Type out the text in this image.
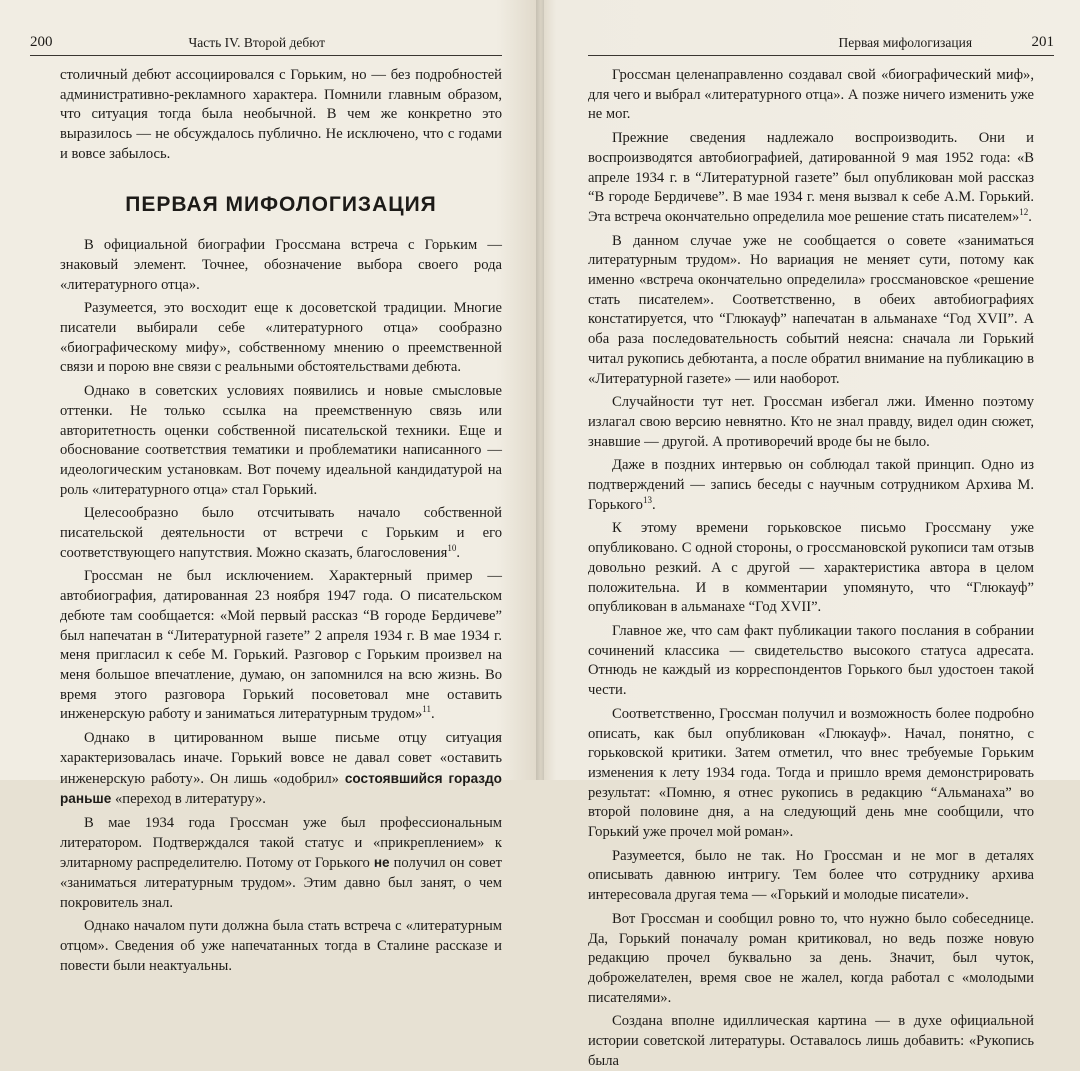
200	Часть IV. Второй дебют

столичный дебют ассоциировался с Горьким, но — без подробностей административно-рекламного характера. Помнили главным образом, что ситуация тогда была необычной. В чем же конкретно это выразилось — не обсуждалось публично. Не исключено, что с годами и вовсе забылось.

ПЕРВАЯ МИФОЛОГИЗАЦИЯ

В официальной биографии Гроссмана встреча с Горьким — знаковый элемент. Точнее, обозначение выбора своего рода «литературного отца».

Разумеется, это восходит еще к досоветской традиции. Многие писатели выбирали себе «литературного отца» сообразно «биографическому мифу», собственному мнению о преемственной связи и порою вне связи с реальными обстоятельствами дебюта.

Однако в советских условиях появились и новые смысловые оттенки. Не только ссылка на преемственную связь или авторитетность оценки собственной писательской техники. Еще и обоснование соответствия тематики и проблематики написанного — идеологическим установкам. Вот почему идеальной кандидатурой на роль «литературного отца» стал Горький.

Целесообразно было отсчитывать начало собственной писательской деятельности от встречи с Горьким и его соответствующего напутствия. Можно сказать, благословения$^{10}$.

Гроссман не был исключением. Характерный пример — автобиография, датированная 23 ноября 1947 года. О писательском дебюте там сообщается: «Мой первый рассказ “В городе Бердичеве” был напечатан в “Литературной газете” 2 апреля 1934 г. В мае 1934 г. меня пригласил к себе М. Горький. Разговор с Горьким произвел на меня большое впечатление, думаю, он запомнился на всю жизнь. Во время этого разговора Горький посоветовал мне оставить инженерскую работу и заниматься литературным трудом»$^{11}$.

Однако в цитированном выше письме отцу ситуация характеризовалась иначе. Горький вовсе не давал совет «оставить инженерскую работу». Он лишь «одобрил» состоявшийся гораздо раньше «переход в литературу».

В мае 1934 года Гроссман уже был профессиональным литератором. Подтверждался такой статус и «прикреплением» к элитарному распределителю. Потому от Горького не получил он совет «заниматься литературным трудом». Этим давно был занят, о чем покровитель знал.

Однако началом пути должна была стать встреча с «литературным отцом». Сведения об уже напечатанных тогда в Сталине рассказе и повести были неактуальны.

Первая мифологизация	201

Гроссман целенаправленно создавал свой «биографический миф», для чего и выбрал «литературного отца». А позже ничего изменить уже не мог.

Прежние сведения надлежало воспроизводить. Они и воспроизводятся автобиографией, датированной 9 мая 1952 года: «В апреле 1934 г. в “Литературной газете” был опубликован мой рассказ “В городе Бердичеве”. В мае 1934 г. меня вызвал к себе А.М. Горький. Эта встреча окончательно определила мое решение стать писателем»$^{12}$.

В данном случае уже не сообщается о совете «заниматься литературным трудом». Но вариация не меняет сути, потому как именно «встреча окончательно определила» гроссмановское «решение стать писателем». Соответственно, в обеих автобиографиях констатируется, что “Глюкауф” напечатан в альманахе “Год XVII”. А оба раза последовательность событий неясна: сначала ли Горький читал рукопись дебютанта, а после обратил внимание на публикацию в «Литературной газете» — или наоборот.

Случайности тут нет. Гроссман избегал лжи. Именно поэтому излагал свою версию невнятно. Кто не знал правду, видел один сюжет, знавшие — другой. А противоречий вроде бы не было.

Даже в поздних интервью он соблюдал такой принцип. Одно из подтверждений — запись беседы с научным сотрудником Архива М. Горького$^{13}$.

К этому времени горьковское письмо Гроссману уже опубликовано. С одной стороны, о гроссмановской рукописи там отзыв довольно резкий. А с другой — характеристика автора в целом положительна. И в комментарии упомянуто, что “Глюкауф” опубликован в альманахе “Год XVII”.

Главное же, что сам факт публикации такого послания в собрании сочинений классика — свидетельство высокого статуса адресата. Отнюдь не каждый из корреспондентов Горького был удостоен такой чести.

Соответственно, Гроссман получил и возможность более подробно описать, как был опубликован «Глюкауф». Начал, понятно, с горьковской критики. Затем отметил, что внес требуемые Горьким изменения к лету 1934 года. Тогда и пришло время демонстрировать результат: «Помню, я отнес рукопись в редакцию “Альманаха” во второй половине дня, а на следующий день мне сообщили, что Горький уже прочел мой роман».

Разумеется, было не так. Но Гроссман и не мог в деталях описывать давнюю интригу. Тем более что сотруднику архива интересовала другая тема — «Горький и молодые писатели».

Вот Гроссман и сообщил ровно то, что нужно было собеседнице. Да, Горький поначалу роман критиковал, но ведь позже новую редакцию прочел буквально за день. Значит, был чуток, доброжелателен, время свое не жалел, когда работал с «молодыми писателями».

Создана вполне идиллическая картина — в духе официальной истории советской литературы. Оставалось лишь добавить: «Рукопись была
